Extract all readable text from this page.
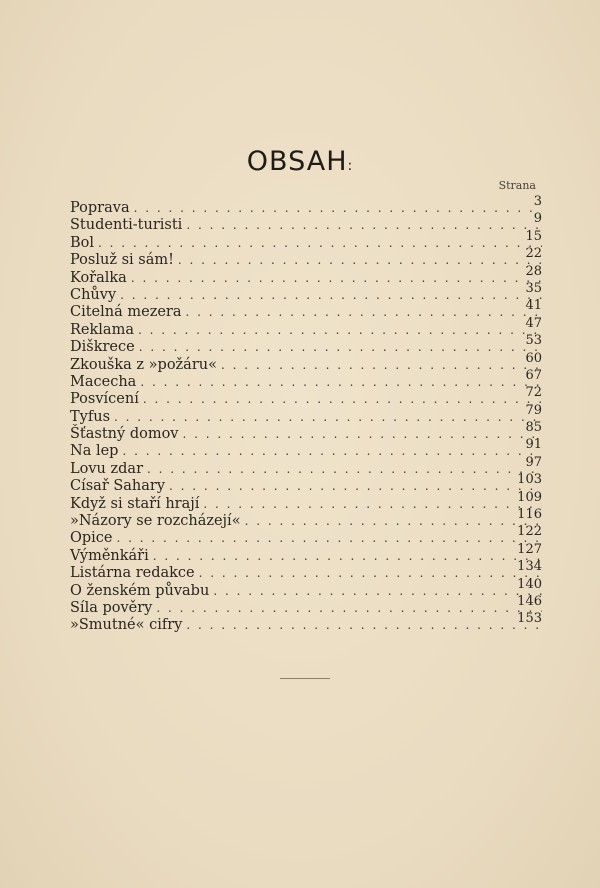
OBSAH:
Strana
Poprava . . .	3
Studenti-turisti . . .	9
Bol . . .	15
Posluž si sám! . . .	22
Kořalka . . .	28
Chůvy . . .	35
Citelná mezera . . .	41
Reklama . . .	47
Diškrece . . .	53
Zkouška z »požáru« . . .	60
Macecha . . .	67
Posvícení . . .	72
Tyfus . . .	79
Šťastný domov . . .	85
Na lep . . .	91
Lovu zdar . . .	97
Císař Sahary . . .	103
Když si staří hrají . . .	109
»Názory se rozcházejí« . . .	116
Opice . . .	122
Výměnkáři . . .	127
Listárna redakce . . .	134
O ženském půvabu . . .	140
Síla pověry . . .	146
»Smutné« cifry . . .	153
